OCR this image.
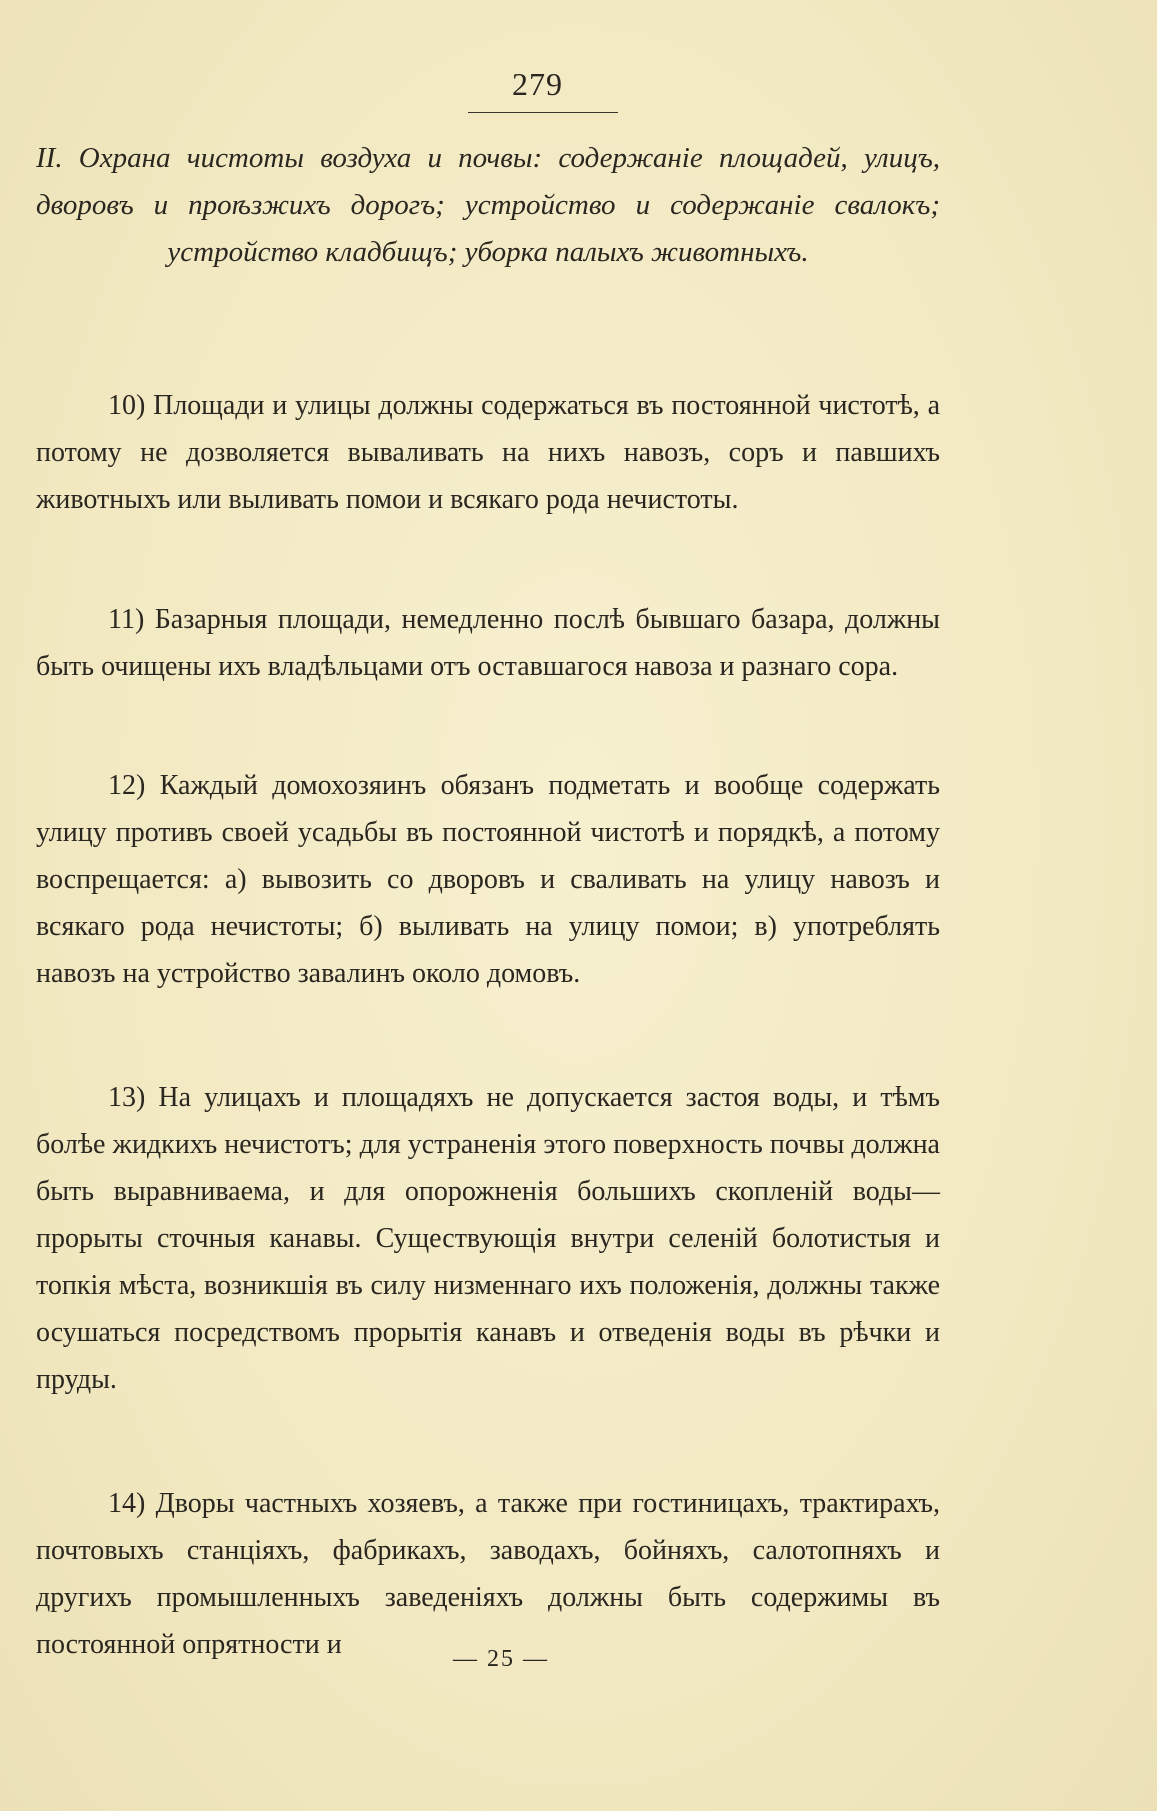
279
II. Охрана чистоты воздуха и почвы: содержаніе площадей, улицъ, дворовъ и проѣзжихъ дорогъ; устройство и содержаніе свалокъ; устройство кладбищъ; уборка палыхъ животныхъ.

10) Площади и улицы должны содержаться въ постоянной чистотѣ, а потому не дозволяется вываливать на нихъ навозъ, соръ и павшихъ животныхъ или выливать помои и всякаго рода нечистоты.

11) Базарныя площади, немедленно послѣ бывшаго базара, должны быть очищены ихъ владѣльцами отъ оставшагося навоза и разнаго сора.

12) Каждый домохозяинъ обязанъ подметать и вообще содержать улицу противъ своей усадьбы въ постоянной чистотѣ и порядкѣ, а потому воспрещается: а) вывозить со дворовъ и сваливать на улицу навозъ и всякаго рода нечистоты; б) выливать на улицу помои; в) употреблять навозъ на устройство завалинъ около домовъ.

13) На улицахъ и площадяхъ не допускается застоя воды, и тѣмъ болѣе жидкихъ нечистотъ; для устраненія этого поверхность почвы должна быть выравниваема, и для опорожненія большихъ скопленій воды—прорыты сточныя канавы. Существующія внутри селеній болотистыя и топкія мѣста, возникшія въ силу низменнаго ихъ положенія, должны также осушаться посредствомъ прорытія канавъ и отведенія воды въ рѣчки и пруды.

14) Дворы частныхъ хозяевъ, а также при гостиницахъ, трактирахъ, почтовыхъ станціяхъ, фабрикахъ, заводахъ, бойняхъ, салотопняхъ и другихъ промышленныхъ заведеніяхъ должны быть содержимы въ постоянной опрятности и	— 25 —
